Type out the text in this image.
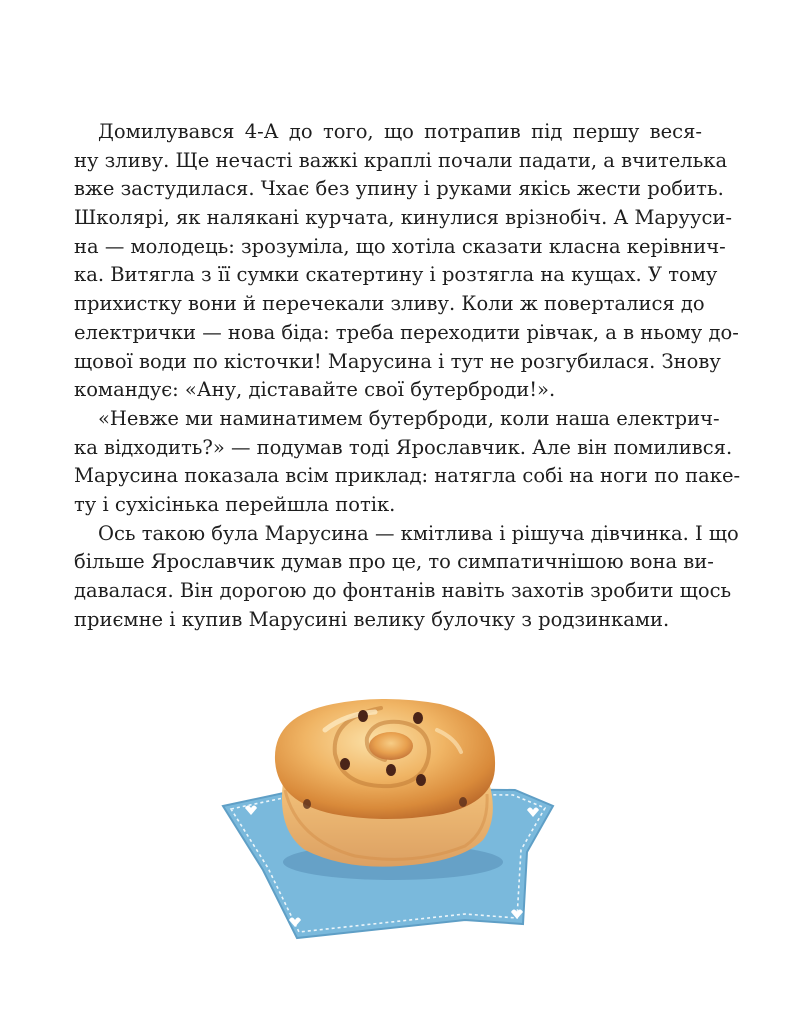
Домилувався 4-А до того, що потрапив під першу веся-
ну зливу. Ще нечасті важкі краплі почали падати, а вчителька
вже застудилася. Чхає без упину і руками якісь жести робить.
Школярі, як налякані курчата, кинулися врізнобіч. А Марууси-
на — молодець: зрозуміла, що хотіла сказати класна керівнич-
ка. Витягла з її сумки скатертину і розтягла на кущах. У тому
прихистку вони й перечекали зливу. Коли ж поверталися до
електрички — нова біда: треба переходити рівчак, а в ньому до-
щової води по кісточки! Марусина і тут не розгубилася. Знову
командує: «Ану, діставайте свої бутерброди!».
«Невже ми наминатимем бутерброди, коли наша електрич-
ка відходить?» — подумав тоді Ярославчик. Але він помилився.
Марусина показала всім приклад: натягла собі на ноги по паке-
ту і сухісінька перейшла потік.
Ось такою була Марусина — кмітлива і рішуча дівчинка. І що
більше Ярославчик думав про це, то симпатичнішою вона ви-
давалася. Він дорогою до фонтанів навіть захотів зробити щось
приємне і купив Марусині велику булочку з родзинками.
